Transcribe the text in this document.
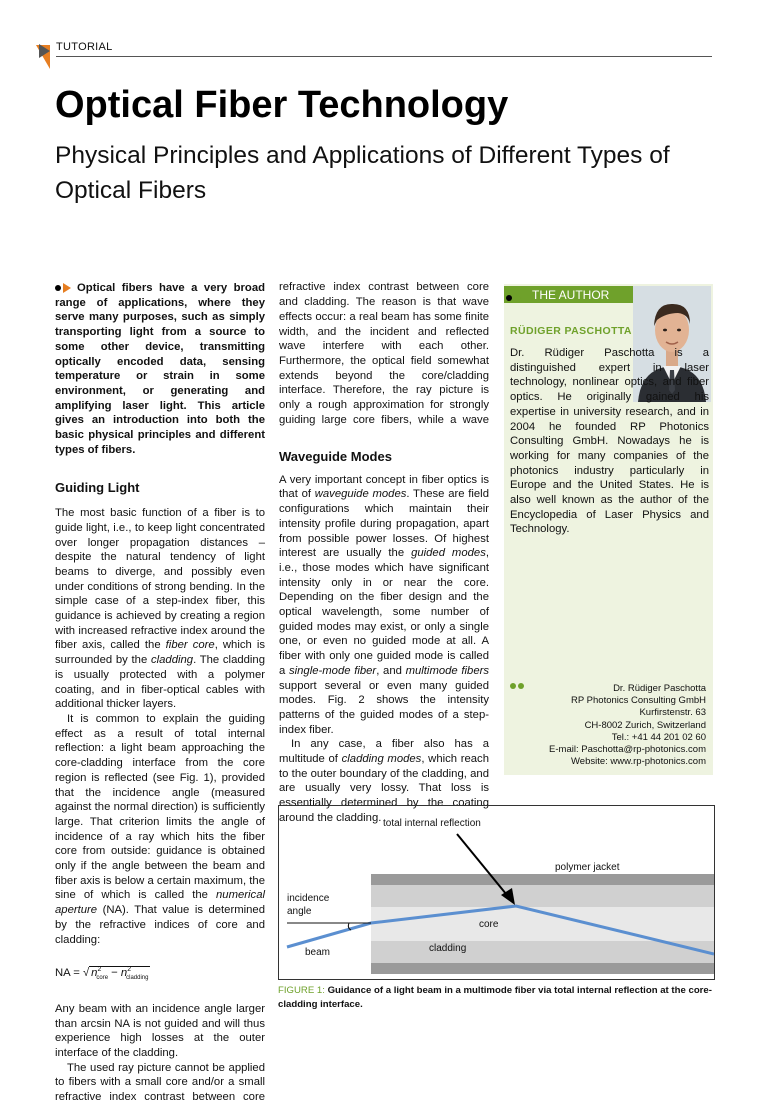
TUTORIAL
Optical Fiber Technology
Physical Principles and Applications of Different Types of Optical Fibers

Optical fibers have a very broad range of applications, where they serve many purposes, such as simply transporting light from a source to some other device, transmitting optically encoded data, sensing temperature or strain in some environment, or generating and amplifying laser light. This article gives an introduction into both the basic physical principles and different types of fibers.

Guiding Light

The most basic function of a fiber is to guide light, i.e., to keep light concentrated over longer propagation distances – despite the natural tendency of light beams to diverge, and possibly even under conditions of strong bending. In the simple case of a step-index fiber, this guidance is achieved by creating a region with increased refractive index around the fiber axis, called the fiber core, which is surrounded by the cladding. The cladding is usually protected with a polymer coating, and in fiber-optical cables with additional thicker layers.

It is common to explain the guiding effect as a result of total internal reflection: a light beam approaching the core-cladding interface from the core region is reflected (see Fig. 1), provided that the incidence angle (measured against the normal direction) is sufficiently large. That criterion limits the angle of incidence of a ray which hits the fiber core from outside: guidance is obtained only if the angle between the beam and fiber axis is below a certain maximum, the sine of which is called the numerical aperture (NA). That value is determined by the refractive indices of core and cladding:

NA = √ $n^2_{core} - n^2_{cladding}$

Any beam with an incidence angle larger than arcsin NA is not guided and will thus experience high losses at the outer interface of the cladding.

The used ray picture cannot be applied to fibers with a small core and/or a small refractive index contrast between core

refractive index contrast between core and cladding. The reason is that wave effects occur: a real beam has some finite width, and the incident and reflected wave interfere with each other. Furthermore, the optical field somewhat extends beyond the core/cladding interface. Therefore, the ray picture is only a rough approximation for strongly guiding large core fibers, while a wave

Waveguide Modes

A very important concept in fiber optics is that of waveguide modes. These are field configurations which maintain their intensity profile during propagation, apart from possible power losses. Of highest interest are usually the guided modes, i.e., those modes which have significant intensity only in or near the core. Depending on the fiber design and the optical wavelength, some number of guided modes may exist, or only a single one, or even no guided mode at all. A fiber with only one guided mode is called a single-mode fiber, and multimode fibers support several or even many guided modes. Fig. 2 shows the intensity patterns of the guided modes of a step-index fiber.

In any case, a fiber also has a multitude of cladding modes, which reach to the outer boundary of the cladding, and are usually very lossy. That loss is essentially determined by the coating around the cladding.

THE AUTHOR
RÜDIGER PASCHOTTA

Dr. Rüdiger Paschotta is a distinguished expert in laser technology, nonlinear optics, and fiber optics. He originally gained his expertise in university research, and in 2004 he founded RP Photonics Consulting GmbH. Nowadays he is working for many companies of the photonics industry particularly in Europe and the United States. He is also well known as the author of the Encyclopedia of Laser Physics and Technology.

Dr. Rüdiger Paschotta
RP Photonics Consulting GmbH
Kurfirstenstr. 63
CH-8002 Zurich, Switzerland
Tel.: +41 44 201 02 60
E-mail: Paschotta@rp-photonics.com
Website: www.rp-photonics.com
total internal reflection
polymer jacket
incidence
angle
core
beam	cladding
FIGURE 1: Guidance of a light beam in a multimode fiber via total internal reflection at the core-cladding interface.
